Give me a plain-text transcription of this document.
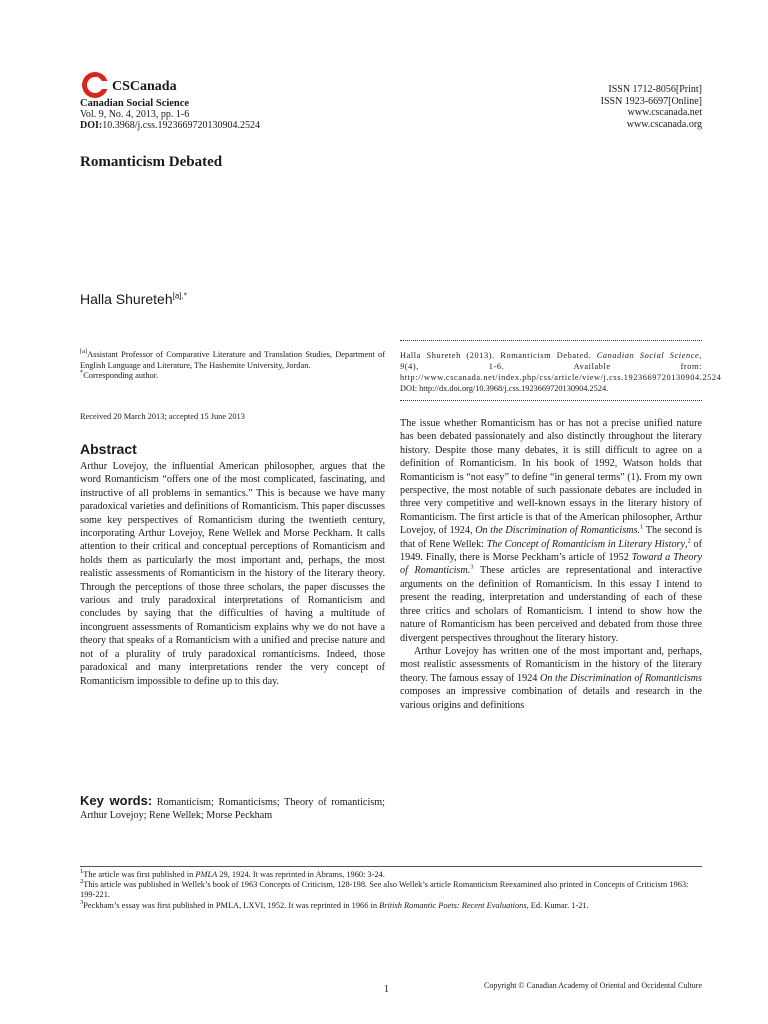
CSCanada
Canadian Social Science
Vol. 9, No. 4, 2013, pp. 1-6
DOI:10.3968/j.css.1923669720130904.2524
ISSN 1712-8056[Print]
ISSN 1923-6697[Online]
www.cscanada.net
www.cscanada.org
Romanticism Debated
Halla Shureteh$^{[a],*}$
[a]Assistant Professor of Comparative Literature and Translation Studies, Department of English Language and Literature, The Hashemite University, Jordan.
*Corresponding author.
Received 20 March 2013; accepted 15 June 2013
Abstract
Arthur Lovejoy, the influential American philosopher, argues that the word Romanticism “offers one of the most complicated, fascinating, and instructive of all problems in semantics.” This is because we have many paradoxical varieties and definitions of Romanticism. This paper discusses some key perspectives of Romanticism during the twentieth century, incorporating Arthur Lovejoy, Rene Wellek and Morse Peckham. It calls attention to their critical and conceptual perceptions of Romanticism and holds them as particularly the most important and, perhaps, the most realistic assessments of Romanticism in the history of the literary theory. Through the perceptions of those three scholars, the paper discusses the various and truly paradoxical interpretations of Romanticism and concludes by saying that the difficulties of having a multitude of incongruent assessments of Romanticism explains why we do not have a theory that speaks of a Romanticism with a unified and precise nature and not of a plurality of truly paradoxical romanticisms. Indeed, those paradoxical and many interpretations render the very concept of Romanticism impossible to define up to this day.
Key words: Romanticism; Romanticisms; Theory of romanticism; Arthur Lovejoy; Rene Wellek; Morse Peckham
Halla Shureteh (2013). Romanticism Debated. Canadian Social Science, 9(4), 1-6. Available from: http://www.cscanada.net/index.php/css/article/view/j.css.1923669720130904.2524
DOI: http://dx.doi.org/10.3968/j.css.1923669720130904.2524.

The issue whether Romanticism has or has not a precise unified nature has been debated passionately and also distinctly throughout the literary history. Despite those many debates, it is still difficult to agree on a definition of Romanticism. In his book of 1992, Watson holds that Romanticism is “not easy” to define “in general terms” (1). From my own perspective, the most notable of such passionate debates are included in three very competitive and well-known essays in the literary history of Romanticism. The first article is that of the American philosopher, Arthur Lovejoy, of 1924, On the Discrimination of Romanticisms.$^1$ The second is that of Rene Wellek: The Concept of Romanticism in Literary History,$^2$ of 1949. Finally, there is Morse Peckham’s article of 1952 Toward a Theory of Romanticism.$^3$ These articles are representational and interactive arguments on the definition of Romanticism. In this essay I intend to present the reading, interpretation and understanding of each of these three critics and scholars of Romanticism. I intend to show how the nature of Romanticism has been perceived and debated from those three divergent perspectives throughout the literary history.

Arthur Lovejoy has written one of the most important and, perhaps, most realistic assessments of Romanticism in the history of the literary theory. The famous essay of 1924 On the Discrimination of Romanticisms composes an impressive combination of details and research in the various origins and definitions

$^1$The article was first published in PMLA 29, 1924. It was reprinted in Abrams, 1960: 3-24.

$^2$This article was published in Wellek’s book of 1963 Concepts of Criticism, 128-198. See also Wellek’s article Romanticism Reexamined also printed in Concepts of Criticism 1963: 199-221.

$^3$Peckham’s essay was first published in PMLA, LXVI, 1952. It was reprinted in 1966 in British Romantic Poets: Recent Evaluations, Ed. Kumar. 1-21.

1	Copyright © Canadian Academy of Oriental and Occidental Culture
